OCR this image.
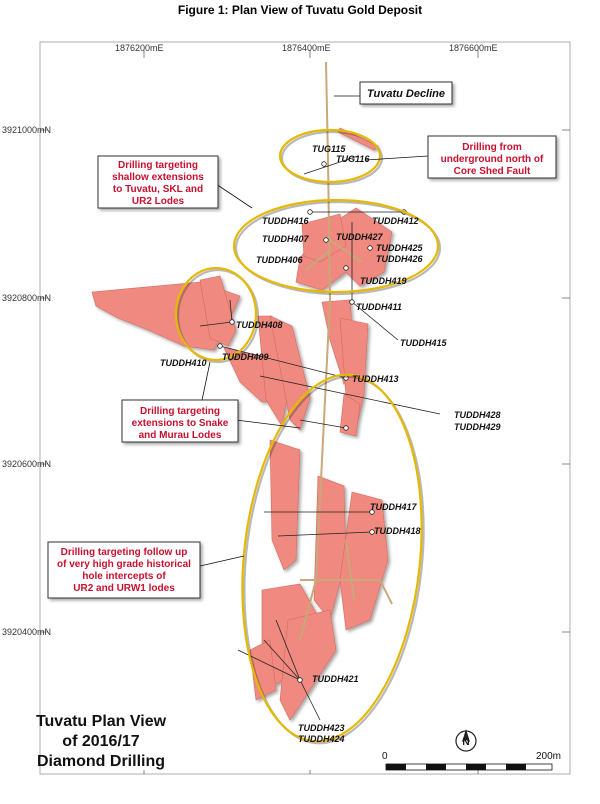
Figure 1: Plan View of Tuvatu Gold Deposit
1876200mE	1876400mE	1876600mE
3921000mN
3920800mN
3920600mN
3920400mN
Tuvatu Decline
Drilling targeting
shallow extensions
to Tuvatu, SKL and
UR2 Lodes
Drilling from
underground north of
Core Shed Fault
Drilling targeting
extensions to Snake
and Murau Lodes
Drilling targeting follow up
of very high grade historical
hole intercepts of
UR2 and URW1 lodes
TUG115
TUG116
TUDDH416	TUDDH412
TUDDH407	TUDDH427
TUDDH425
TUDDH406	TUDDH426
TUDDH419
TUDDH411
TUDDH408
TUDDH415
TUDDH409
TUDDH410
TUDDH413
TUDDH428
TUDDH429
TUDDH417
TUDDH418
TUDDH421
TUDDH423
TUDDH424
Tuvatu Plan View
of 2016/17
Diamond Drilling
N
0	200m
